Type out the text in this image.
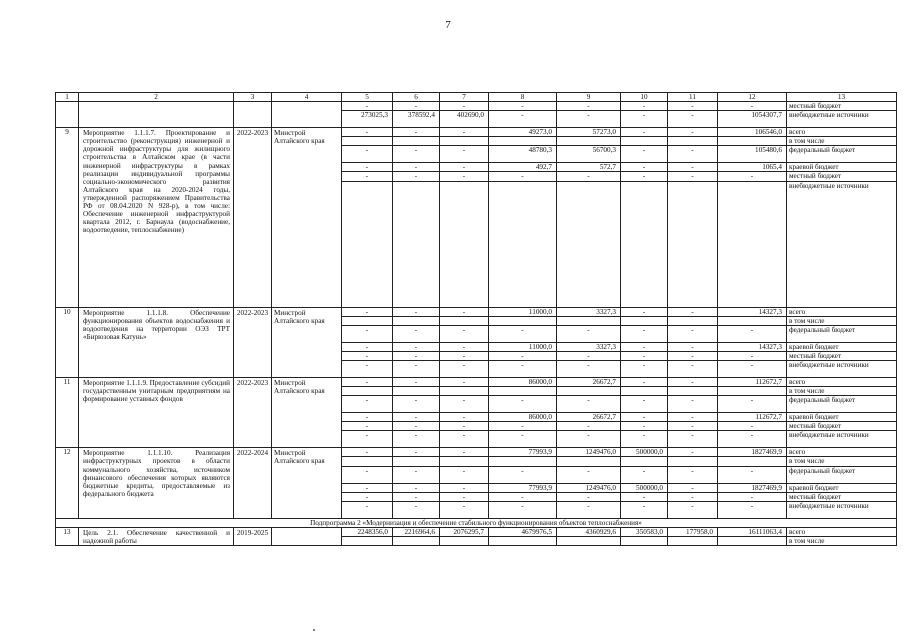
7
1	2	3	4	5	6	7	8	9	10	11	12	13
				-	-	-	-	-	-	-	-	местный бюджет
				273025,3	378592,4	402690,0	-	-	-	-	1054307,7	внебюджетные источники
9	Мероприятие 1.1.1.7. Проектирование и строительство (реконструкция) инженерной и дорожной инфраструктуры для жилищного строительства в Алтайском крае (в части инженерной инфраструктуры в рамках реализации индивидуальной программы социально-экономического развития Алтайского края на 2020-2024 годы, утвержденной распоряжением Правительства РФ от 08.04.2020 N 928-р), в том числе: Обеспечение инженерной инфраструктурой квартала 2012, г. Барнаула (водоснабжение, водоотведение, теплоснабжение)	2022-2023	Минстрой Алтайского края	-	-	-	49273,0	57273,0	-	-	106546,0	всего
												в том числе
				-	-	-	48780,3	56700,3	-	-	105480,6	федеральный бюджет
				-	-	-	492,7	572,7	-	-	1065,4	краевой бюджет
				-	-	-	-	-	-	-	-	местный бюджет
												внебюджетные источники
10	Мероприятие 1.1.1.8. Обеспечение функционирования объектов водоснабжения и водоотведения на территории ОЭЗ ТРТ «Бирюзовая Катунь»	2022-2023	Минстрой Алтайского края	-	-	-	11000,0	3327,3	-	-	14327,3	всего
												в том числе
				-	-	-	-	-	-	-	-	федеральный бюджет
				-	-	-	11000,0	3327,3	-	-	14327,3	краевой бюджет
				-	-	-	-	-	-	-	-	местный бюджет
				-	-	-	-	-	-	-	-	внебюджетные источники
11	Мероприятие 1.1.1.9. Предоставление субсидий государственным унитарным предприятиям на формирование уставных фондов	2022-2023	Минстрой Алтайского края	-	-	-	86000,0	26672,7	-	-	112672,7	всего
												в том числе
				-	-	-	-	-	-	-	-	федеральный бюджет
				-	-	-	86000,0	26672,7	-	-	112672,7	краевой бюджет
				-	-	-	-	-	-	-	-	местный бюджет
				-	-	-	-	-	-	-	-	внебюджетные источники
12	Мероприятие 1.1.1.10. Реализация инфраструктурных проектов в области коммунального хозяйства, источником финансового обеспечения которых являются бюджетные кредиты, предоставляемые из федерального бюджета	2022-2024	Минстрой Алтайского края	-	-	-	77993,9	1249476,0	500000,0	-	1827469,9	всего
												в том числе
				-	-	-	-	-	-	-	-	федеральный бюджет
				-	-	-	77993,9	1249476,0	500000,0	-	1827469,9	краевой бюджет
				-	-	-	-	-	-	-	-	местный бюджет
				-	-	-	-	-	-	-	-	внебюджетные источники
Подпрограмма 2 «Модернизация и обеспечение стабильного функционирования объектов теплоснабжения»												
13	Цель 2.1. Обеспечение качественной и надежной работы	2019-2025		2248356,0	2216964,6	2076295,7	4679976,5	4360929,6	350583,0	177958,0	16111063,4	всего
												в том числе
